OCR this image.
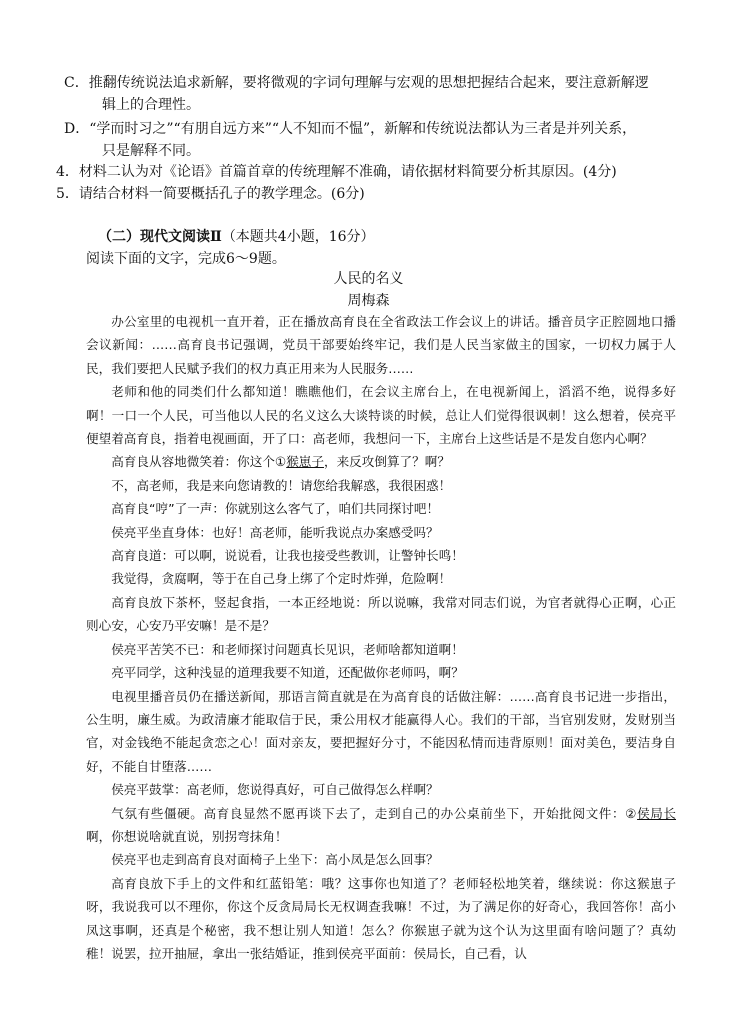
C．推翻传统说法追求新解，要将微观的字词句理解与宏观的思想把握结合起来，要注意新解逻
辑上的合理性。
D．“学而时习之”“有朋自远方来”“人不知而不愠”，新解和传统说法都认为三者是并列关系，
只是解释不同。
4．材料二认为对《论语》首篇首章的传统理解不准确，请依据材料简要分析其原因。(4分)
5．请结合材料一简要概括孔子的教学理念。(6分)
（二）现代文阅读Ⅱ（本题共4小题，16分）
阅读下面的文字，完成6～9题。
人民的名义
周梅森

办公室里的电视机一直开着，正在播放高育良在全省政法工作会议上的讲话。播音员字正腔圆地口播会议新闻：……高育良书记强调，党员干部要始终牢记，我们是人民当家做主的国家，一切权力属于人民，我们要把人民赋予我们的权力真正用来为人民服务……

老师和他的同类们什么都知道！瞧瞧他们，在会议主席台上，在电视新闻上，滔滔不绝，说得多好啊！一口一个人民，可当他以人民的名义这么大谈特谈的时候，总让人们觉得很讽刺！这么想着，侯亮平便望着高育良，指着电视画面，开了口：高老师，我想问一下，主席台上这些话是不是发自您内心啊？

高育良从容地微笑着：你这个①猴崽子，来反攻倒算了？啊？

不，高老师，我是来向您请教的！请您给我解惑，我很困惑！

高育良“哼”了一声：你就别这么客气了，咱们共同探讨吧！

侯亮平坐直身体：也好！高老师，能听我说点办案感受吗？

高育良道：可以啊，说说看，让我也接受些教训，让警钟长鸣！

我觉得，贪腐啊，等于在自己身上绑了个定时炸弹，危险啊！

高育良放下茶杯，竖起食指，一本正经地说：所以说嘛，我常对同志们说，为官者就得心正啊，心正则心安，心安乃平安嘛！是不是？

侯亮平苦笑不已：和老师探讨问题真长见识，老师啥都知道啊！

亮平同学，这种浅显的道理我要不知道，还配做你老师吗，啊？

电视里播音员仍在播送新闻，那语言简直就是在为高育良的话做注解：……高育良书记进一步指出，公生明，廉生威。为政清廉才能取信于民，秉公用权才能赢得人心。我们的干部，当官别发财，发财别当官，对金钱绝不能起贪恋之心！面对亲友，要把握好分寸，不能因私情而违背原则！面对美色，要洁身自好，不能自甘堕落……

侯亮平鼓掌：高老师，您说得真好，可自己做得怎么样啊？

气氛有些僵硬。高育良显然不愿再谈下去了，走到自己的办公桌前坐下，开始批阅文件：②侯局长啊，你想说啥就直说，别拐弯抹角！

侯亮平也走到高育良对面椅子上坐下：高小凤是怎么回事？

高育良放下手上的文件和红蓝铅笔：哦？这事你也知道了？老师轻松地笑着，继续说：你这猴崽子呀，我说我可以不理你，你这个反贪局局长无权调查我嘛！不过，为了满足你的好奇心，我回答你！高小凤这事啊，还真是个秘密，我不想让别人知道！怎么？你猴崽子就为这个认为这里面有啥问题了？真幼稚！说罢，拉开抽屉，拿出一张结婚证，推到侯亮平面前：侯局长，自己看，认
